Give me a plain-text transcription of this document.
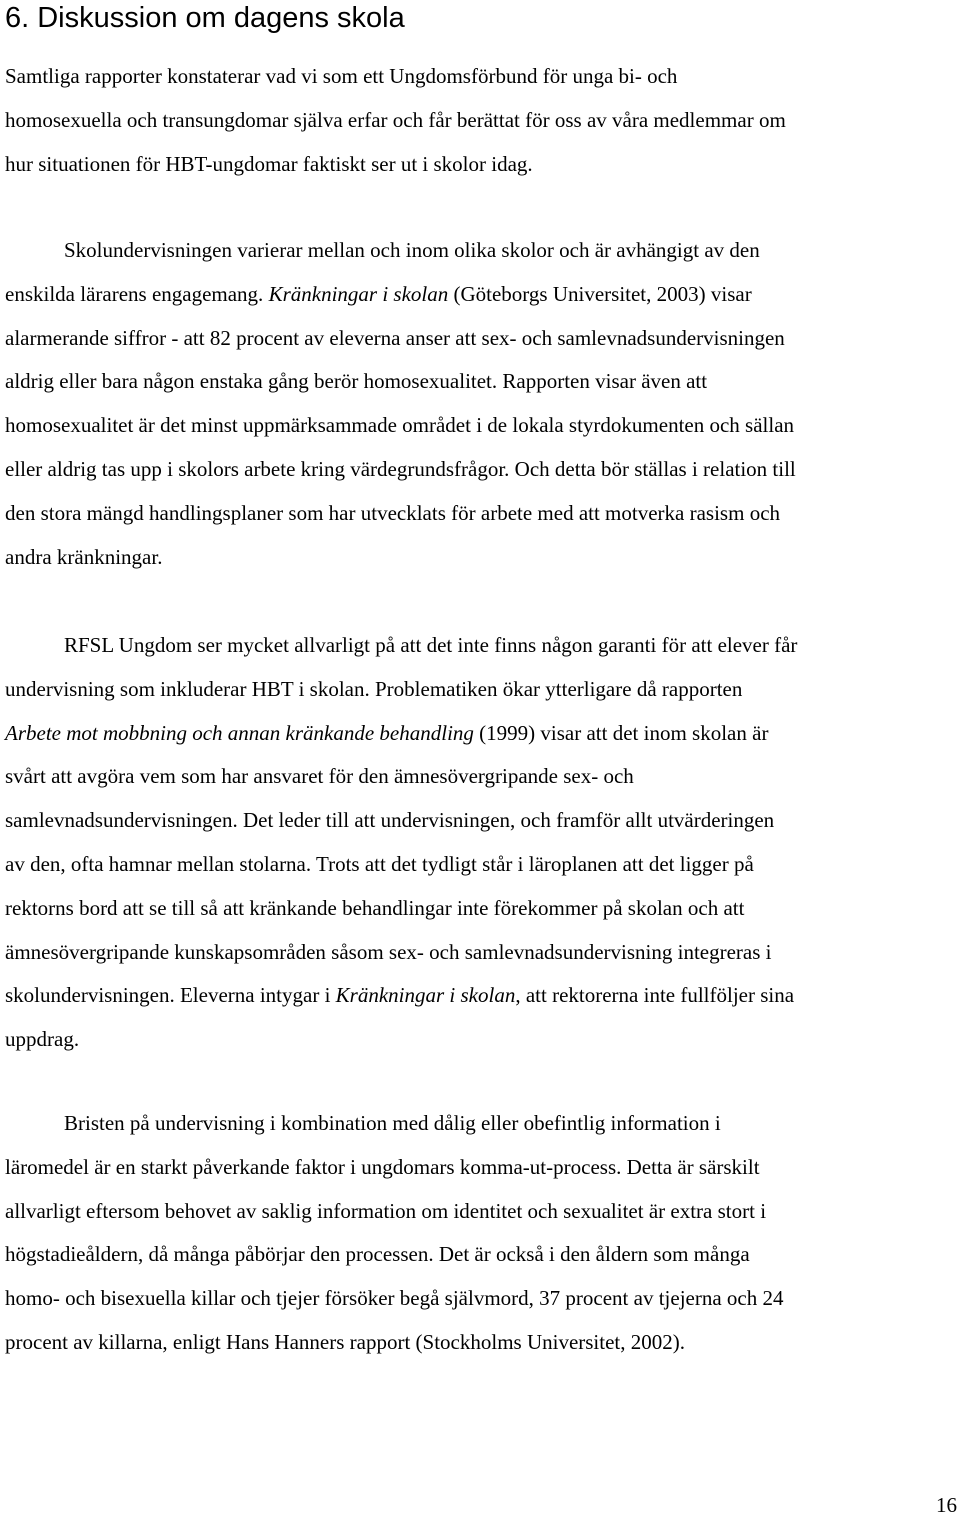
6. Diskussion om dagens skola

Samtliga rapporter konstaterar vad vi som ett Ungdomsförbund för unga bi- och
homosexuella och transungdomar själva erfar och får berättat för oss av våra medlemmar om
hur situationen för HBT-ungdomar faktiskt ser ut i skolor idag.

Skolundervisningen varierar mellan och inom olika skolor och är avhängigt av den
enskilda lärarens engagemang. Kränkningar i skolan (Göteborgs Universitet, 2003) visar
alarmerande siffror - att 82 procent av eleverna anser att sex- och samlevnadsundervisningen
aldrig eller bara någon enstaka gång berör homosexualitet. Rapporten visar även att
homosexualitet är det minst uppmärksammade området i de lokala styrdokumenten och sällan
eller aldrig tas upp i skolors arbete kring värdegrundsfrågor. Och detta bör ställas i relation till
den stora mängd handlingsplaner som har utvecklats för arbete med att motverka rasism och
andra kränkningar.

RFSL Ungdom ser mycket allvarligt på att det inte finns någon garanti för att elever får
undervisning som inkluderar HBT i skolan. Problematiken ökar ytterligare då rapporten
Arbete mot mobbning och annan kränkande behandling (1999) visar att det inom skolan är
svårt att avgöra vem som har ansvaret för den ämnesövergripande sex- och
samlevnadsundervisningen. Det leder till att undervisningen, och framför allt utvärderingen
av den, ofta hamnar mellan stolarna. Trots att det tydligt står i läroplanen att det ligger på
rektorns bord att se till så att kränkande behandlingar inte förekommer på skolan och att
ämnesövergripande kunskapsområden såsom sex- och samlevnadsundervisning integreras i
skolundervisningen. Eleverna intygar i Kränkningar i skolan, att rektorerna inte fullföljer sina
uppdrag.

Bristen på undervisning i kombination med dålig eller obefintlig information i
läromedel är en starkt påverkande faktor i ungdomars komma-ut-process. Detta är särskilt
allvarligt eftersom behovet av saklig information om identitet och sexualitet är extra stort i
högstadieåldern, då många påbörjar den processen. Det är också i den åldern som många
homo- och bisexuella killar och tjejer försöker begå självmord, 37 procent av tjejerna och 24
procent av killarna, enligt Hans Hanners rapport (Stockholms Universitet, 2002).

16
